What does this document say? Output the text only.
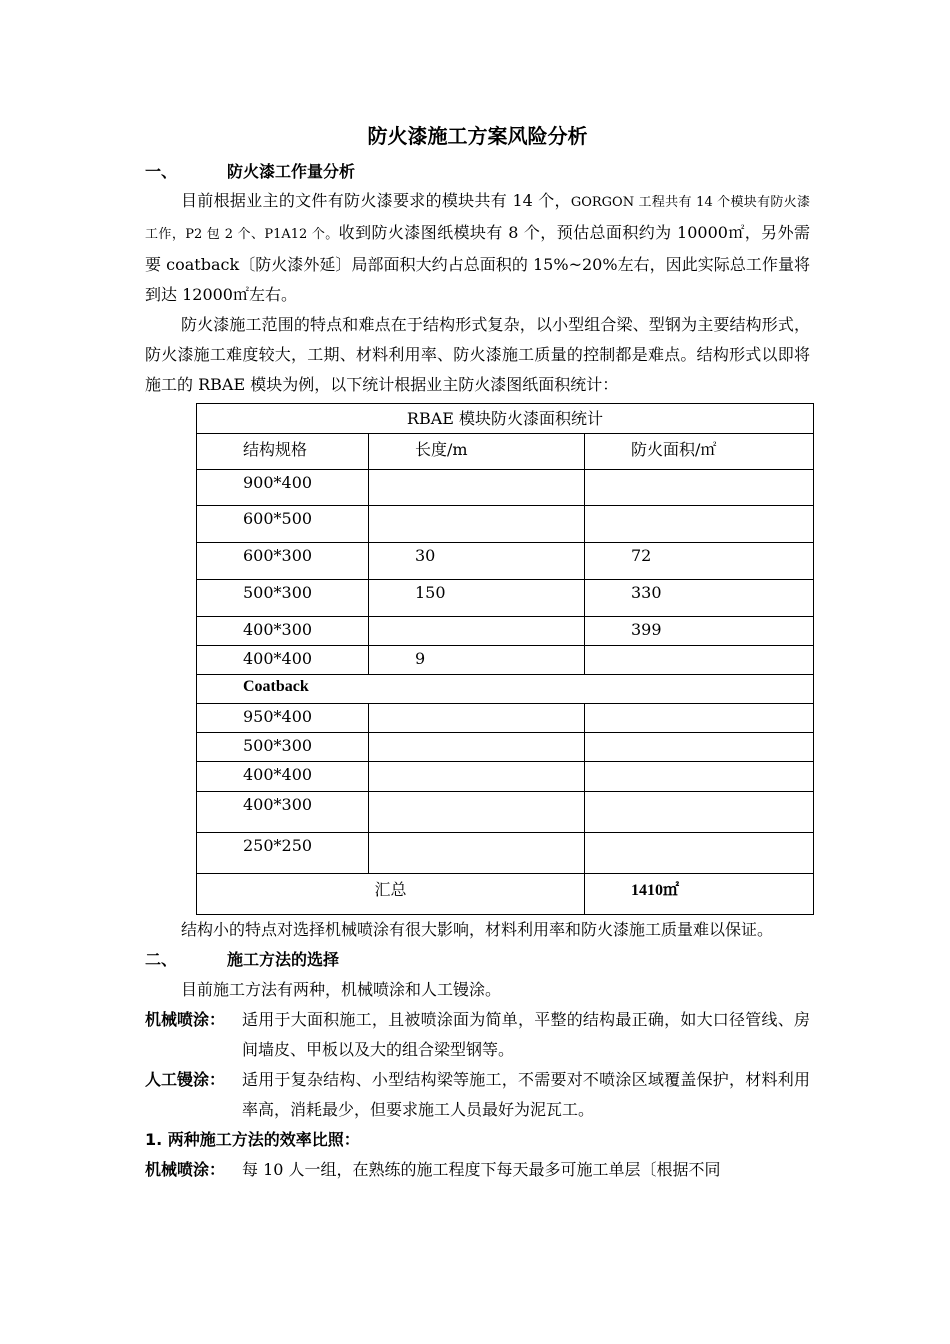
防火漆施工方案风险分析
一、	防火漆工作量分析

目前根据业主的文件有防火漆要求的模块共有 14 个，GORGON 工程共有 14 个模块有防火漆工作，P2 包 2 个、P1A12 个。收到防火漆图纸模块有 8 个，预估总面积约为 10000㎡，另外需要 coatback〔防火漆外延〕局部面积大约占总面积的 15%~20%左右，因此实际总工作量将到达 12000㎡左右。

防火漆施工范围的特点和难点在于结构形式复杂，以小型组合梁、型钢为主要结构形式，防火漆施工难度较大，工期、材料利用率、防火漆施工质量的控制都是难点。结构形式以即将施工的 RBAE 模块为例，以下统计根据业主防火漆图纸面积统计：

RBAE 模块防火漆面积统计		

结构规格	长度/m	防火面积/㎡

900*400		

600*500		

600*300	30	72

500*300	150	330

400*300		399

400*400	9	

Coatback		

950*400		

500*300		

400*400		

400*300		

250*250		

汇总		1410㎡

结构小的特点对选择机械喷涂有很大影响，材料利用率和防火漆施工质量难以保证。

二、	施工方法的选择

目前施工方法有两种，机械喷涂和人工镘涂。

机械喷涂：	适用于大面积施工，且被喷涂面为简单，平整的结构最正确，如大口径管线、房间墙皮、甲板以及大的组合梁型钢等。
人工镘涂：	适用于复杂结构、小型结构梁等施工，不需要对不喷涂区域覆盖保护，材料利用率高，消耗最少，但要求施工人员最好为泥瓦工。
1. 两种施工方法的效率比照：
机械喷涂：	每 10 人一组，在熟练的施工程度下每天最多可施工单层〔根据不同
